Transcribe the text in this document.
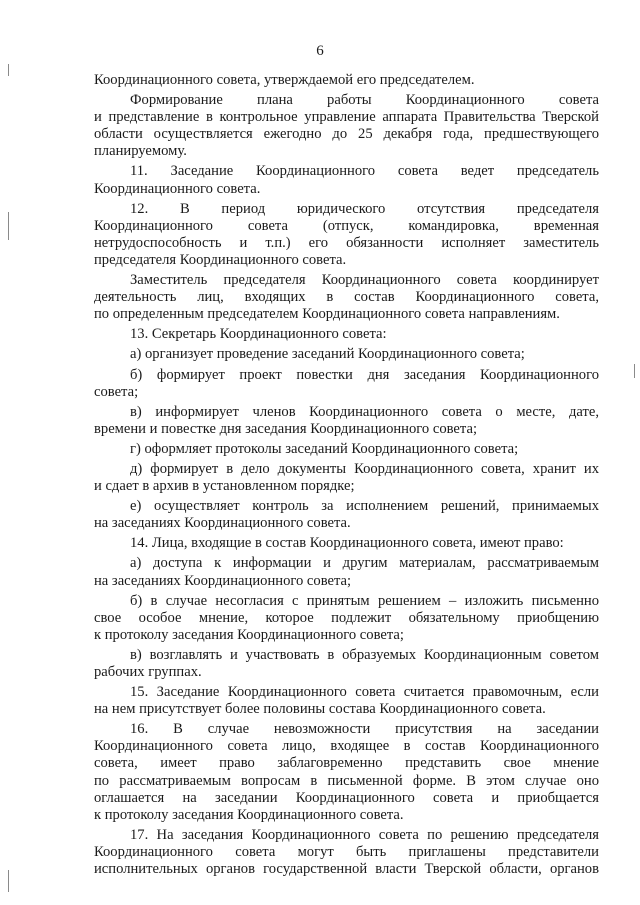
6
Координационного совета, утверждаемой его председателем.
Формирование плана работы Координационного совета
и представление в контрольное управление аппарата Правительства Тверской
области осуществляется ежегодно до 25 декабря года, предшествующего
планируемому.
11. Заседание Координационного совета ведет председатель
Координационного совета.
12. В период юридического отсутствия председателя
Координационного совета (отпуск, командировка, временная
нетрудоспособность и т.п.) его обязанности исполняет заместитель
председателя Координационного совета.
Заместитель председателя Координационного совета координирует
деятельность лиц, входящих в состав Координационного совета,
по определенным председателем Координационного совета направлениям.
13. Секретарь Координационного совета:
а) организует проведение заседаний Координационного совета;
б) формирует проект повестки дня заседания Координационного
совета;
в) информирует членов Координационного совета о месте, дате,
времени и повестке дня заседания Координационного совета;
г) оформляет протоколы заседаний Координационного совета;
д) формирует в дело документы Координационного совета, хранит их
и сдает в архив в установленном порядке;
е) осуществляет контроль за исполнением решений, принимаемых
на заседаниях Координационного совета.
14. Лица, входящие в состав Координационного совета, имеют право:
а) доступа к информации и другим материалам, рассматриваемым
на заседаниях Координационного совета;
б) в случае несогласия с принятым решением – изложить письменно
свое особое мнение, которое подлежит обязательному приобщению
к протоколу заседания Координационного совета;
в) возглавлять и участвовать в образуемых Координационным советом
рабочих группах.
15. Заседание Координационного совета считается правомочным, если
на нем присутствует более половины состава Координационного совета.
16. В случае невозможности присутствия на заседании
Координационного совета лицо, входящее в состав Координационного
совета, имеет право заблаговременно представить свое мнение
по рассматриваемым вопросам в письменной форме. В этом случае оно
оглашается на заседании Координационного совета и приобщается
к протоколу заседания Координационного совета.
17. На заседания Координационного совета по решению председателя
Координационного совета могут быть приглашены представители
исполнительных органов государственной власти Тверской области, органов
